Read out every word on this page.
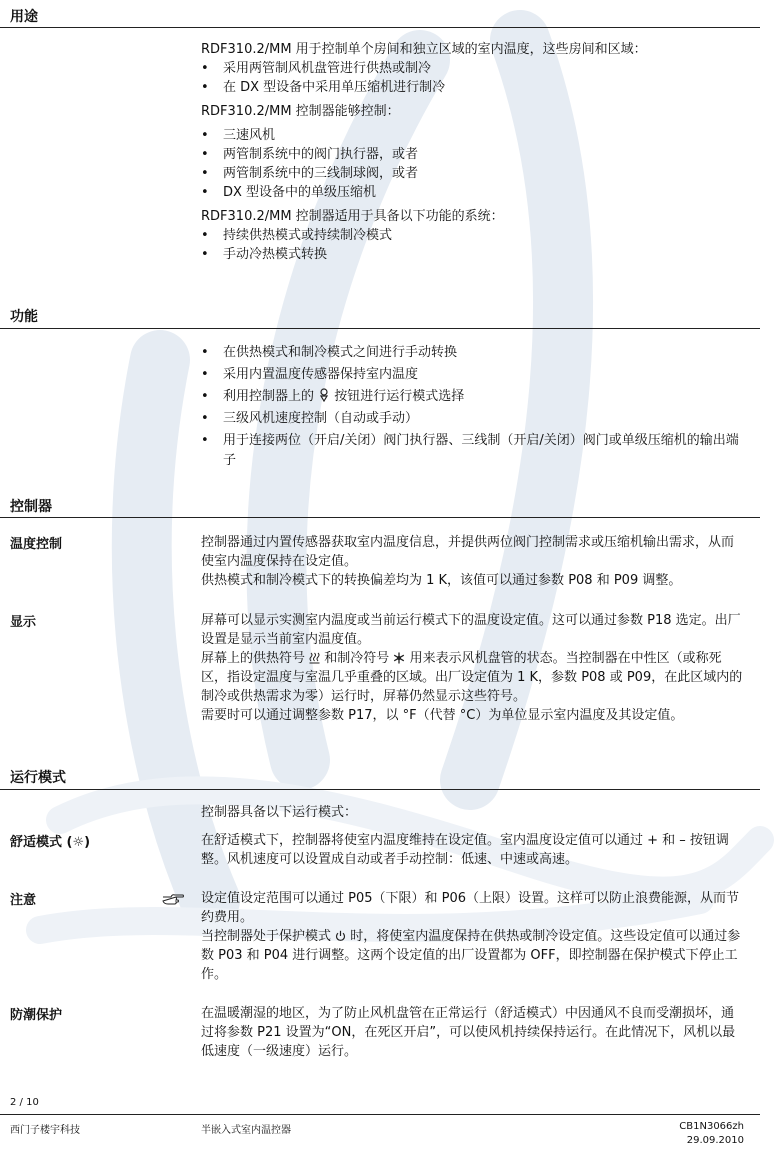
用途

RDF310.2/MM 用于控制单个房间和独立区域的室内温度，这些房间和区域：

• 采用两管制风机盘管进行供热或制冷
• 在 DX 型设备中采用单压缩机进行制冷

RDF310.2/MM 控制器能够控制：

• 三速风机
• 两管制系统中的阀门执行器，或者
• 两管制系统中的三线制球阀，或者
• DX 型设备中的单级压缩机

RDF310.2/MM 控制器适用于具备以下功能的系统：

• 持续供热模式或持续制冷模式
• 手动冷热模式转换
功能
• 在供热模式和制冷模式之间进行手动转换
• 采用内置温度传感器保持室内温度
• 利用控制器上的 按钮进行运行模式选择
• 三级风机速度控制（自动或手动）
• 用于连接两位（开启/关闭）阀门执行器、三线制（开启/关闭）阀门或单级压缩机的输出端子
控制器
温度控制	控制器通过内置传感器获取室内温度信息，并提供两位阀门控制需求或压缩机输出需求，从而使室内温度保持在设定值。

供热模式和制冷模式下的转换偏差均为 1 K，该值可以通过参数 P08 和 P09 调整。

显示	屏幕可以显示实测室内温度或当前运行模式下的温度设定值。这可以通过参数 P18 选定。出厂设置是显示当前室内温度值。

屏幕上的供热符号 和制冷符号 用来表示风机盘管的状态。当控制器在中性区（或称死区，指设定温度与室温几乎重叠的区域。出厂设定值为 1 K，参数 P08 或 P09，在此区域内的制冷或供热需求为零）运行时，屏幕仍然显示这些符号。

需要时可以通过调整参数 P17，以 °F（代替 °C）为单位显示室内温度及其设定值。

运行模式
控制器具备以下运行模式：
舒适模式 (☼)	在舒适模式下，控制器将使室内温度维持在设定值。室内温度设定值可以通过 + 和 – 按钮调整。风机速度可以设置成自动或者手动控制：低速、中速或高速。

注意	设定值设定范围可以通过 P05（下限）和 P06（上限）设置。这样可以防止浪费能源，从而节约费用。

当控制器处于保护模式 时，将使室内温度保持在供热或制冷设定值。这些设定值可以通过参数 P03 和 P04 进行调整。这两个设定值的出厂设置都为 OFF，即控制器在保护模式下停止工作。

防潮保护	在温暖潮湿的地区，为了防止风机盘管在正常运行（舒适模式）中因通风不良而受潮损坏，通过将参数 P21 设置为“ON，在死区开启”，可以使风机持续保持运行。在此情况下，风机以最低速度（一级速度）运行。

2 / 10
西门子楼宇科技	半嵌入式室内温控器	CB1N3066zh
29.09.2010
